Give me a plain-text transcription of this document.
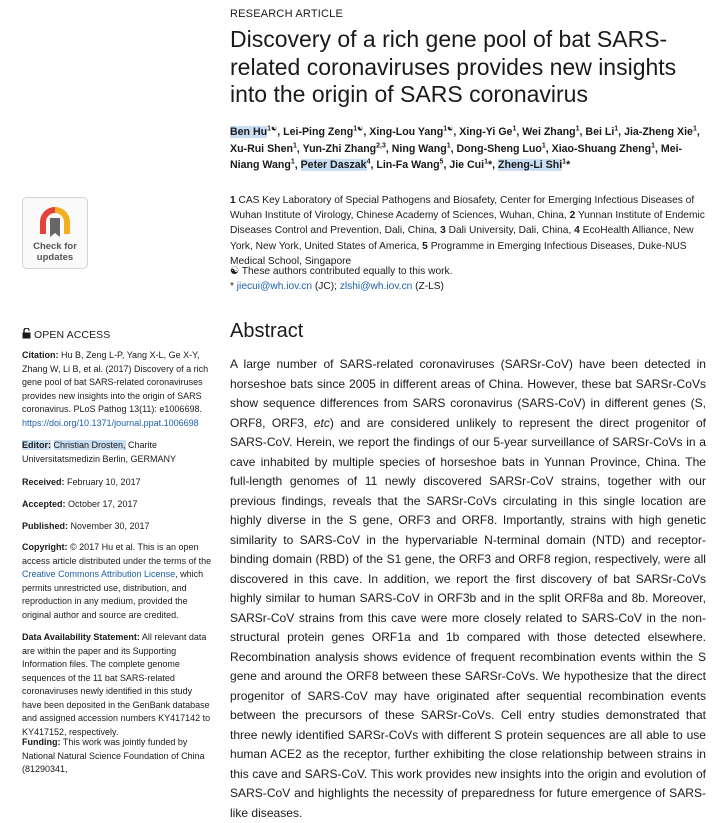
RESEARCH ARTICLE
Discovery of a rich gene pool of bat SARS-related coronaviruses provides new insights into the origin of SARS coronavirus
Ben $Hu^{1☯}$, Lei-Ping Zeng$^{1☯}$, Xing-Lou Yang$^{1☯}$, Xing-Yi Ge$^1$, Wei Zhang$^1$, Bei Li$^1$, Jia-Zheng Xie$^1$, Xu-Rui Shen$^1$, Yun-Zhi Zhang$^{2,3}$, Ning Wang$^1$, Dong-Sheng Luo$^1$, Xiao-Shuang Zheng$^1$, Mei-Niang Wang$^1$, Peter Daszak$^4$, Lin-Fa Wang$^5$, Jie Cui$^1$*, Zheng-Li Shi$^1$*
1 CAS Key Laboratory of Special Pathogens and Biosafety, Center for Emerging Infectious Diseases of Wuhan Institute of Virology, Chinese Academy of Sciences, Wuhan, China, 2 Yunnan Institute of Endemic Diseases Control and Prevention, Dali, China, 3 Dali University, Dali, China, 4 EcoHealth Alliance, New York, New York, United States of America, 5 Programme in Emerging Infectious Diseases, Duke-NUS Medical School, Singapore
☯ These authors contributed equally to this work.
* jiecui@wh.iov.cn (JC); zlshi@wh.iov.cn (Z-LS)
Abstract

A large number of SARS-related coronaviruses (SARSr-CoV) have been detected in horseshoe bats since 2005 in different areas of China. However, these bat SARSr-CoVs show sequence differences from SARS coronavirus (SARS-CoV) in different genes (S, ORF8, ORF3, etc) and are considered unlikely to represent the direct progenitor of SARS-CoV. Herein, we report the findings of our 5-year surveillance of SARSr-CoVs in a cave inhabited by multiple species of horseshoe bats in Yunnan Province, China. The full-length genomes of 11 newly discovered SARSr-CoV strains, together with our previous findings, reveals that the SARSr-CoVs circulating in this single location are highly diverse in the S gene, ORF3 and ORF8. Importantly, strains with high genetic similarity to SARS-CoV in the hypervariable N-terminal domain (NTD) and receptor-binding domain (RBD) of the S1 gene, the ORF3 and ORF8 region, respectively, were all discovered in this cave. In addition, we report the first discovery of bat SARSr-CoVs highly similar to human SARS-CoV in ORF3b and in the split ORF8a and 8b. Moreover, SARSr-CoV strains from this cave were more closely related to SARS-CoV in the non-structural protein genes ORF1a and 1b compared with those detected elsewhere. Recombination analysis shows evidence of frequent recombination events within the S gene and around the ORF8 between these SARSr-CoVs. We hypothesize that the direct progenitor of SARS-CoV may have originated after sequential recombination events between the precursors of these SARSr-CoVs. Cell entry studies demonstrated that three newly identified SARSr-CoVs with different S protein sequences are all able to use human ACE2 as the receptor, further exhibiting the close relationship between strains in this cave and SARS-CoV. This work provides new insights into the origin and evolution of SARS-CoV and highlights the necessity of preparedness for future emergence of SARS-like diseases.

Check for
updates
OPEN ACCESS
Citation: Hu B, Zeng L-P, Yang X-L, Ge X-Y, Zhang W, Li B, et al. (2017) Discovery of a rich gene pool of bat SARS-related coronaviruses provides new insights into the origin of SARS coronavirus. PLoS Pathog 13(11): e1006698. https://doi.org/10.1371/journal.ppat.1006698
Editor: Christian Drosten, Charite Universitatsmedizin Berlin, GERMANY
Received: February 10, 2017
Accepted: October 17, 2017
Published: November 30, 2017
Copyright: © 2017 Hu et al. This is an open access article distributed under the terms of the Creative Commons Attribution License, which permits unrestricted use, distribution, and reproduction in any medium, provided the original author and source are credited.
Data Availability Statement: All relevant data are within the paper and its Supporting Information files. The complete genome sequences of the 11 bat SARS-related coronaviruses newly identified in this study have been deposited in the GenBank database and assigned accession numbers KY417142 to KY417152, respectively.
Funding: This work was jointly funded by National Natural Science Foundation of China (81290341,
